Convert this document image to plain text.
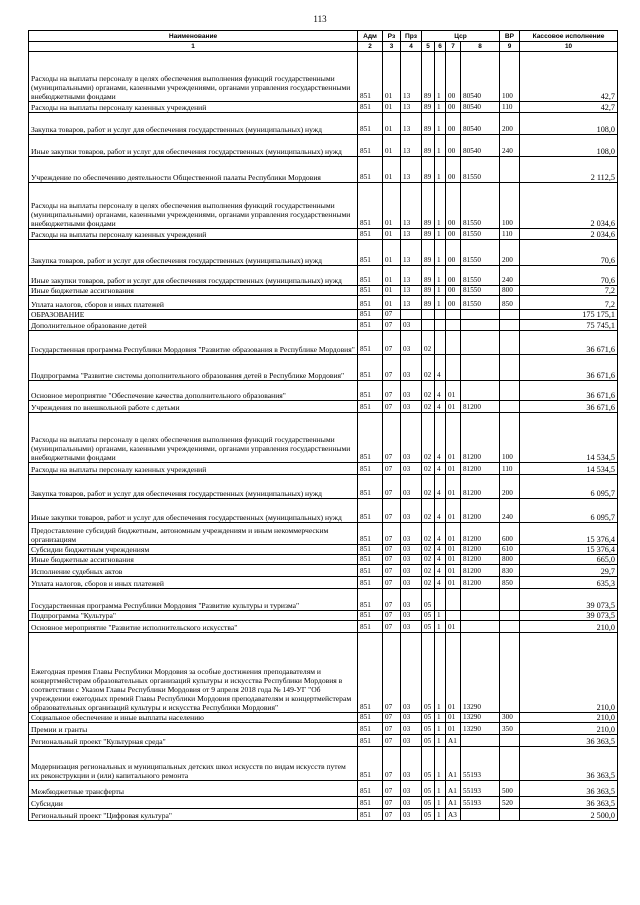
113
Наименование	Адм	Рз	Прз	Цср				ВР	Кассовое исполнение
1	2	3	4	5	6	7	8	9	10
Расходы на выплаты персоналу в целях обеспечения выполнения функций государственными (муниципальными) органами, казенными учреждениями, органами управления государственными внебюджетными фондами	851	01	13	89	1	00	80540	100	42,7
Расходы на выплаты персоналу казенных учреждений	851	01	13	89	1	00	80540	110	42,7
Закупка товаров, работ и услуг для обеспечения государственных (муниципальных) нужд	851	01	13	89	1	00	80540	200	108,0
Иные закупки товаров, работ и услуг для обеспечения государственных (муниципальных) нужд	851	01	13	89	1	00	80540	240	108,0
Учреждение по обеспечению деятельности Общественной палаты Республики Мордовия	851	01	13	89	1	00	81550		2 112,5
Расходы на выплаты персоналу в целях обеспечения выполнения функций государственными (муниципальными) органами, казенными учреждениями, органами управления государственными внебюджетными фондами	851	01	13	89	1	00	81550	100	2 034,6
Расходы на выплаты персоналу казенных учреждений	851	01	13	89	1	00	81550	110	2 034,6
Закупка товаров, работ и услуг для обеспечения государственных (муниципальных) нужд	851	01	13	89	1	00	81550	200	70,6
Иные закупки товаров, работ и услуг для обеспечения государственных (муниципальных) нужд	851	01	13	89	1	00	81550	240	70,6
Иные бюджетные ассигнования	851	01	13	89	1	00	81550	800	7,2
Уплата налогов, сборов и иных платежей	851	01	13	89	1	00	81550	850	7,2
ОБРАЗОВАНИЕ	851	07							175 175,1
Дополнительное образование детей	851	07	03						75 745,1
Государственная программа Республики Мордовия "Развитие образования в Республике Мордовия"	851	07	03	02					36 671,6
Подпрограмма "Развитие системы дополнительного образования детей в Республике Мордовия"	851	07	03	02	4				36 671,6
Основное мероприятие "Обеспечение качества дополнительного образования"	851	07	03	02	4	01			36 671,6
Учреждения по внешкольной работе с детьми	851	07	03	02	4	01	81200		36 671,6
Расходы на выплаты персоналу в целях обеспечения выполнения функций государственными (муниципальными) органами, казенными учреждениями, органами управления государственными внебюджетными фондами	851	07	03	02	4	01	81200	100	14 534,5
Расходы на выплаты персоналу казенных учреждений	851	07	03	02	4	01	81200	110	14 534,5
Закупка товаров, работ и услуг для обеспечения государственных (муниципальных) нужд	851	07	03	02	4	01	81200	200	6 095,7
Иные закупки товаров, работ и услуг для обеспечения государственных (муниципальных) нужд	851	07	03	02	4	01	81200	240	6 095,7
Предоставление субсидий бюджетным, автономным учреждениям и иным некоммерческим организациям	851	07	03	02	4	01	81200	600	15 376,4
Субсидии бюджетным учреждениям	851	07	03	02	4	01	81200	610	15 376,4
Иные бюджетные ассигнования	851	07	03	02	4	01	81200	800	665,0
Исполнение судебных актов	851	07	03	02	4	01	81200	830	29,7
Уплата налогов, сборов и иных платежей	851	07	03	02	4	01	81200	850	635,3
Государственная программа Республики Мордовия "Развитие культуры и туризма"	851	07	03	05					39 073,5
Подпрограмма "Культура"	851	07	03	05	1				39 073,5
Основное мероприятие "Развитие исполнительского искусства"	851	07	03	05	1	01			210,0
Ежегодная премия Главы Республики Мордовия за особые достижения преподавателям и концертмейстерам образовательных организаций культуры и искусства Республики Мордовия в соответствии с Указом Главы Республики Мордовия от 9 апреля 2018 года № 149-УГ "Об учреждении ежегодных премий Главы Республики Мордовия преподавателям и концертмейстерам образовательных организаций культуры и искусства Республики Мордовия"	851	07	03	05	1	01	13290		210,0
Социальное обеспечение и иные выплаты населению	851	07	03	05	1	01	13290	300	210,0
Премии и гранты	851	07	03	05	1	01	13290	350	210,0
Региональный проект "Культурная среда"	851	07	03	05	1	A1			36 363,5
Модернизация региональных и муниципальных детских школ искусств по видам искусств путем их реконструкции и (или) капитального ремонта	851	07	03	05	1	A1	55193		36 363,5
Межбюджетные трансферты	851	07	03	05	1	A1	55193	500	36 363,5
Субсидии	851	07	03	05	1	A1	55193	520	36 363,5
Региональный проект "Цифровая культура"	851	07	03	05	1	A3			2 500,0
